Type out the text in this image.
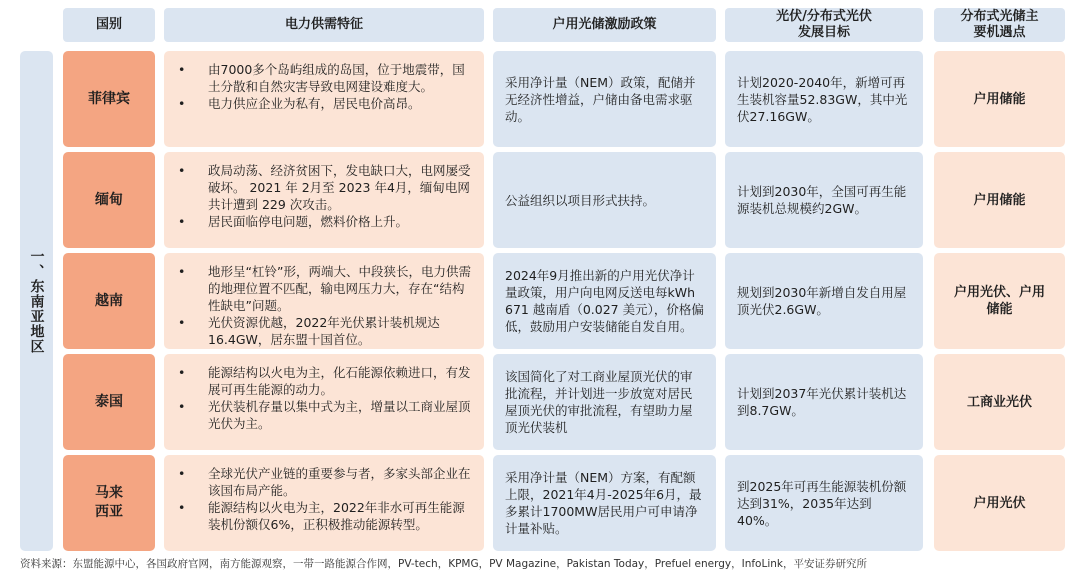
国别	电力供需特征	户用光储激励政策
光伏/分布式光伏
发展目标
分布式光储主
要机遇点
一、东南亚地区
菲律宾
• 由7000多个岛屿组成的岛国，位于地震带，国土分散和自然灾害导致电网建设难度大。
• 电力供应企业为私有，居民电价高昂。
采用净计量（NEM）政策，配储并无经济性增益，户储由备电需求驱动。
计划2020-2040年，新增可再生装机容量52.83GW，其中光伏27.16GW。
户用储能
缅甸
• 政局动荡、经济贫困下，发电缺口大，电网屡受破坏。 2021 年 2月至 2023 年4月，缅甸电网共计遭到 229 次攻击。
• 居民面临停电问题，燃料价格上升。
公益组织以项目形式扶持。
计划到2030年，全国可再生能源装机总规模约2GW。
户用储能
越南
• 地形呈“杠铃”形，两端大、中段狭长，电力供需的地理位置不匹配，输电网压力大，存在“结构性缺电”问题。
• 光伏资源优越，2022年光伏累计装机规达16.4GW，居东盟十国首位。
2024年9月推出新的户用光伏净计量政策，用户向电网反送电每kWh 671 越南盾（0.027 美元），价格偏低，鼓励用户安装储能自发自用。
规划到2030年新增自发自用屋顶光伏2.6GW。
户用光伏、户用储能
泰国
• 能源结构以火电为主，化石能源依赖进口，有发展可再生能源的动力。
• 光伏装机存量以集中式为主，增量以工商业屋顶光伏为主。
该国简化了对工商业屋顶光伏的审批流程，并计划进一步放宽对居民屋顶光伏的审批流程，有望助力屋顶光伏装机
计划到2037年光伏累计装机达到8.7GW。
工商业光伏
马来
西亚
• 全球光伏产业链的重要参与者，多家头部企业在该国布局产能。
• 能源结构以火电为主，2022年非水可再生能源装机份额仅6%，正积极推动能源转型。
采用净计量（NEM）方案，有配额上限，2021年4月-2025年6月，最多累计1700MW居民用户可申请净计量补贴。
到2025年可再生能源装机份额达到31%，2035年达到40%。
户用光伏
资料来源：东盟能源中心，各国政府官网，南方能源观察，一带一路能源合作网，PV-tech，KPMG，PV Magazine，Pakistan Today，Prefuel energy，InfoLink，平安证券研究所
